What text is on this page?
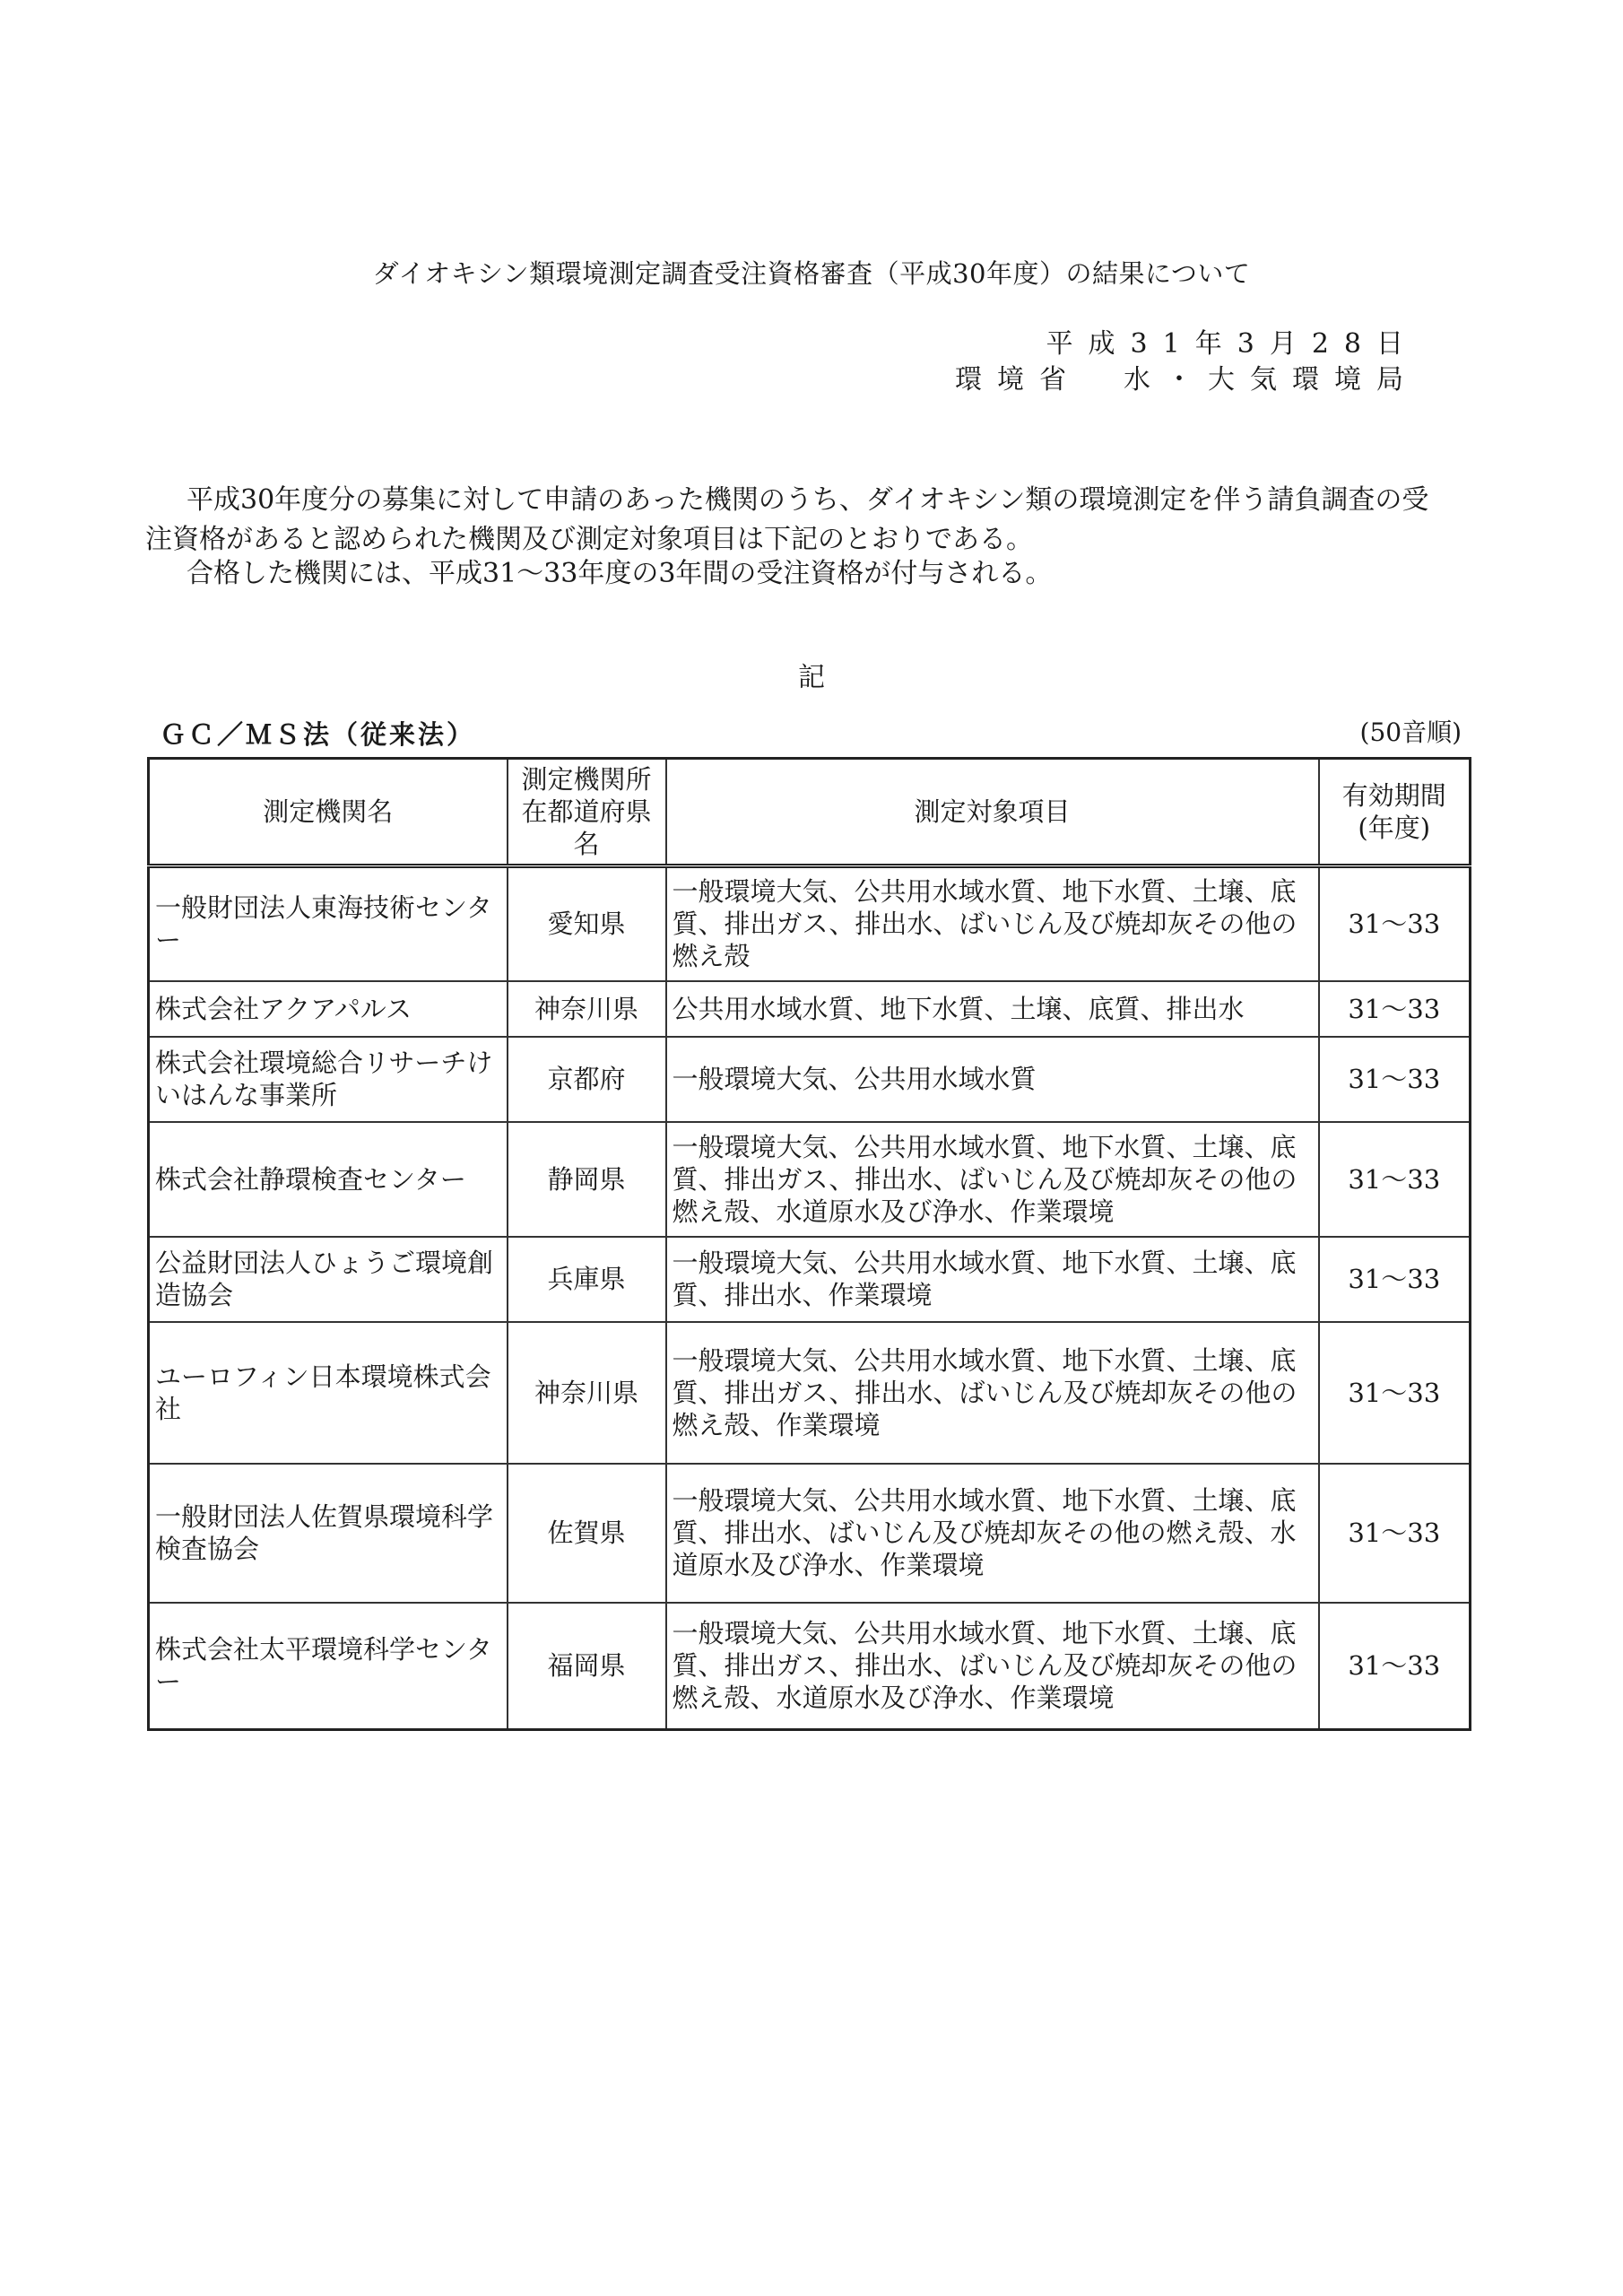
ダイオキシン類環境測定調査受注資格審査（平成30年度）の結果について
平成31年3月28日
環境省　水・大気環境局

平成30年度分の募集に対して申請のあった機関のうち、ダイオキシン類の環境測定を伴う請負調査の受注資格があると認められた機関及び測定対象項目は下記のとおりである。

合格した機関には、平成31～33年度の3年間の受注資格が付与される。

記
ＧＣ／ＭＳ法（従来法）	(50音順)
測定機関名	測定機関所在都道府県名	測定対象項目	有効期間(年度)
一般財団法人東海技術センター	愛知県	一般環境大気、公共用水域水質、地下水質、土壌、底質、排出ガス、排出水、ばいじん及び焼却灰その他の燃え殻	31～33
株式会社アクアパルス	神奈川県	公共用水域水質、地下水質、土壌、底質、排出水	31～33
株式会社環境総合リサーチけいはんな事業所	京都府	一般環境大気、公共用水域水質	31～33
株式会社静環検査センター	静岡県	一般環境大気、公共用水域水質、地下水質、土壌、底質、排出ガス、排出水、ばいじん及び焼却灰その他の燃え殻、水道原水及び浄水、作業環境	31～33
公益財団法人ひょうご環境創造協会	兵庫県	一般環境大気、公共用水域水質、地下水質、土壌、底質、排出水、作業環境	31～33
ユーロフィン日本環境株式会社	神奈川県	一般環境大気、公共用水域水質、地下水質、土壌、底質、排出ガス、排出水、ばいじん及び焼却灰その他の燃え殻、作業環境	31～33
一般財団法人佐賀県環境科学検査協会	佐賀県	一般環境大気、公共用水域水質、地下水質、土壌、底質、排出水、ばいじん及び焼却灰その他の燃え殻、水道原水及び浄水、作業環境	31～33
株式会社太平環境科学センター	福岡県	一般環境大気、公共用水域水質、地下水質、土壌、底質、排出ガス、排出水、ばいじん及び焼却灰その他の燃え殻、水道原水及び浄水、作業環境	31～33
